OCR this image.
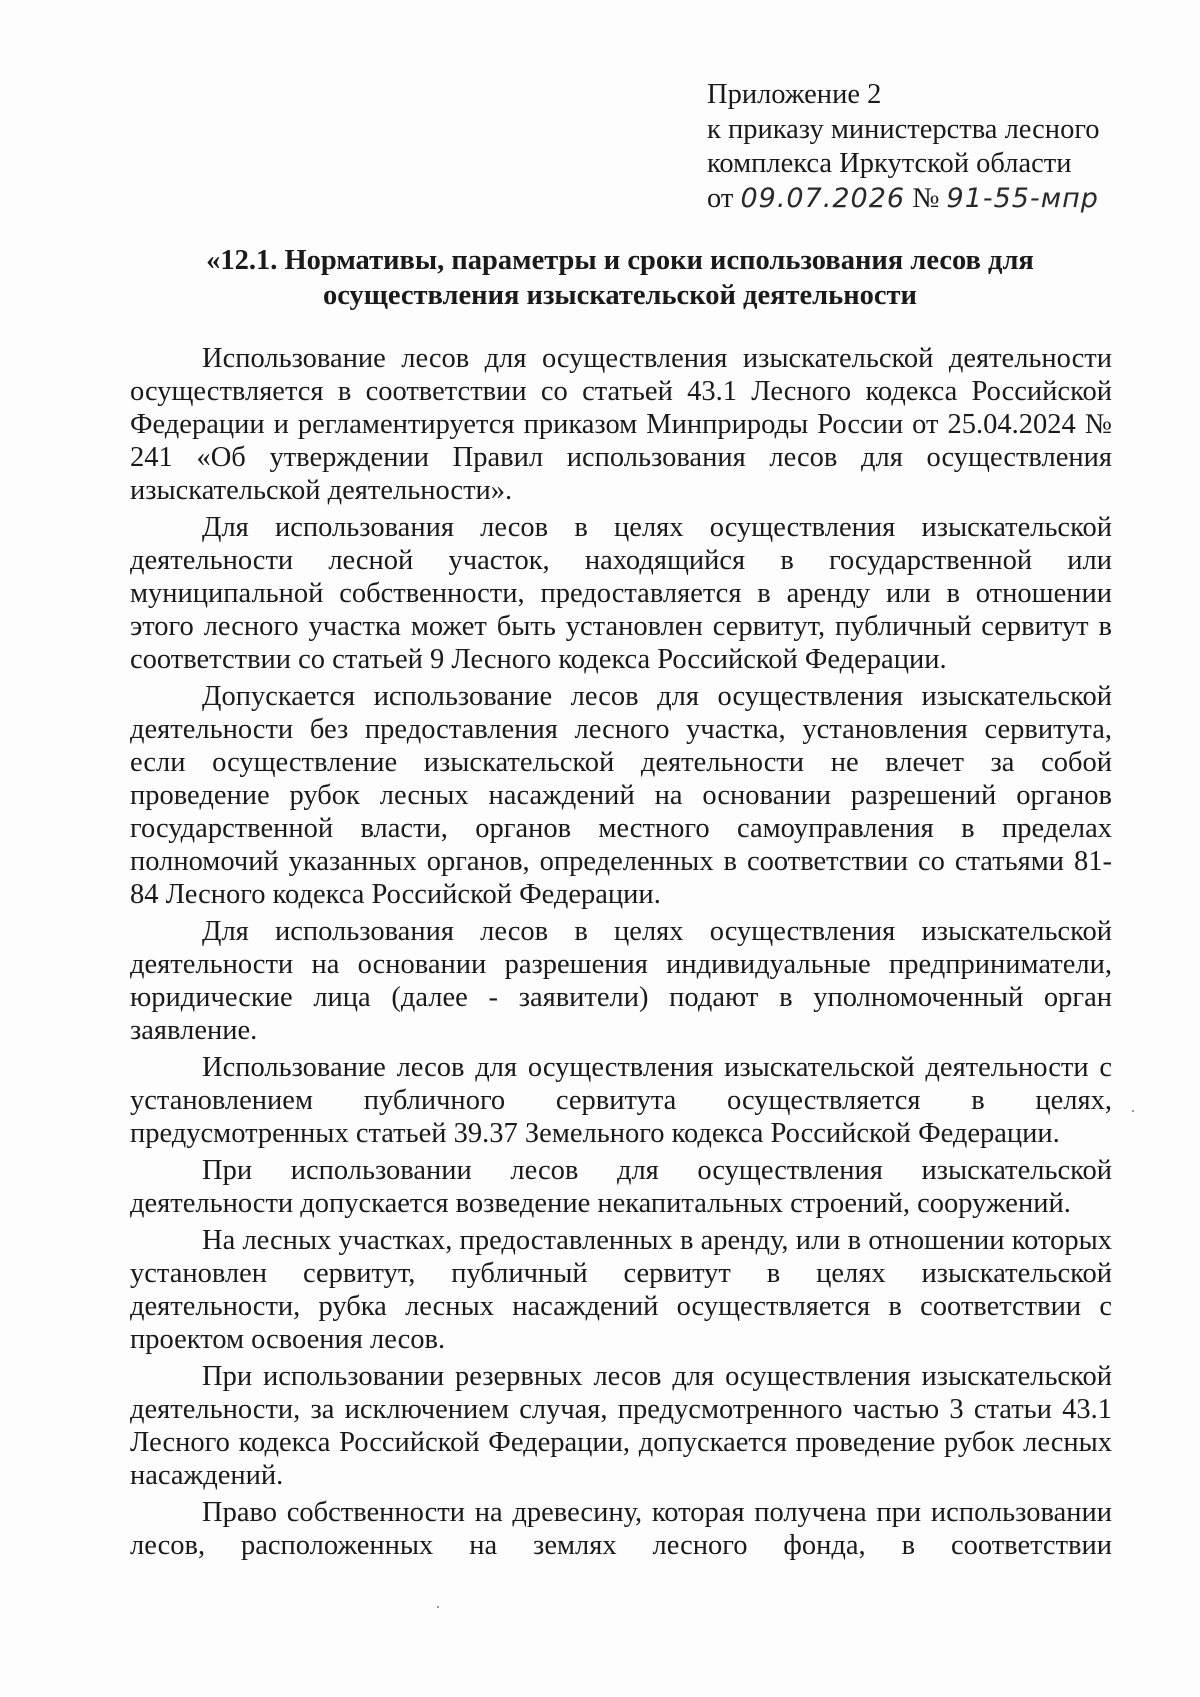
Приложение 2
к приказу министерства лесного
комплекса Иркутской области
от 09.07.2026 № 91-55-мпр
«12.1. Нормативы, параметры и сроки использования лесов для
осуществления изыскательской деятельности

Использование лесов для осуществления изыскательской деятельности осуществляется в соответствии со статьей 43.1 Лесного кодекса Российской Федерации и регламентируется приказом Минприроды России от 25.04.2024 № 241 «Об утверждении Правил использования лесов для осуществления изыскательской деятельности».

Для использования лесов в целях осуществления изыскательской деятельности лесной участок, находящийся в государственной или муниципальной собственности, предоставляется в аренду или в отношении этого лесного участка может быть установлен сервитут, публичный сервитут в соответствии со статьей 9 Лесного кодекса Российской Федерации.

Допускается использование лесов для осуществления изыскательской деятельности без предоставления лесного участка, установления сервитута, если осуществление изыскательской деятельности не влечет за собой проведение рубок лесных насаждений на основании разрешений органов государственной власти, органов местного самоуправления в пределах полномочий указанных органов, определенных в соответствии со статьями 81-84 Лесного кодекса Российской Федерации.

Для использования лесов в целях осуществления изыскательской деятельности на основании разрешения индивидуальные предприниматели, юридические лица (далее - заявители) подают в уполномоченный орган заявление.

Использование лесов для осуществления изыскательской деятельности с установлением публичного сервитута осуществляется в целях, предусмотренных статьей 39.37 Земельного кодекса Российской Федерации.

При использовании лесов для осуществления изыскательской деятельности допускается возведение некапитальных строений, сооружений.

На лесных участках, предоставленных в аренду, или в отношении которых установлен сервитут, публичный сервитут в целях изыскательской деятельности, рубка лесных насаждений осуществляется в соответствии с проектом освоения лесов.

При использовании резервных лесов для осуществления изыскательской деятельности, за исключением случая, предусмотренного частью 3 статьи 43.1 Лесного кодекса Российской Федерации, допускается проведение рубок лесных насаждений.

Право собственности на древесину, которая получена при использовании лесов, расположенных на землях лесного фонда, в соответствии
